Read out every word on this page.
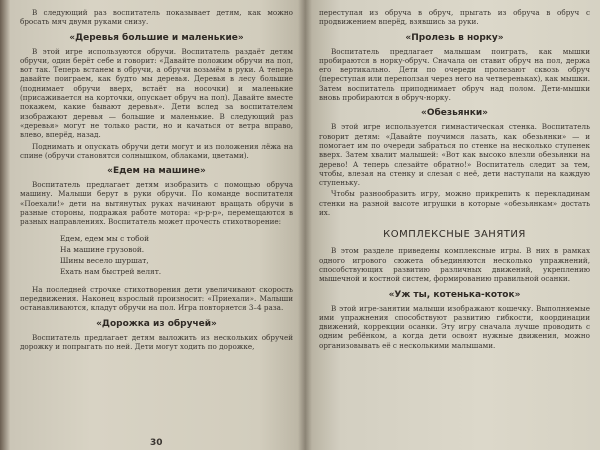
В следующий раз воспитатель показывает детям, как можно бросать мяч двумя руками снизу.

«Деревья большие и маленькие»

В этой игре используются обручи. Воспитатель раздаёт детям обручи, один берёт себе и говорит: «Давайте положим обручи на пол, вот так. Теперь встанем в обручи, а обручи возьмём в руки. А теперь давайте поиграем, как будто мы деревья. Деревья в лесу большие (поднимает обручи вверх, встаёт на носочки) и маленькие (присаживается на корточки, опускает обруч на пол). Давайте вместе покажем, какие бывают деревья». Дети вслед за воспитателем изображают деревья — большие и маленькие. В следующий раз «деревья» могут не только расти, но и качаться от ветра вправо, влево, вперёд, назад.

Поднимать и опускать обручи дети могут и из положения лёжа на спине (обручи становятся солнышком, облаками, цветами).

«Едем на машине»

Воспитатель предлагает детям изобразить с помощью обруча машину. Малыши берут в руки обручи. По команде воспитателя «Поехали!» дети на вытянутых руках начинают вращать обручи в разные стороны, подражая работе мотора: «р-р-р», перемещаются в разных направлениях. Воспитатель может прочесть стихотворение:

Едем, едем мы с тобой
На машине грузовой.
Шины весело шуршат,
Ехать нам быстрей велят.

На последней строчке стихотворения дети увеличивают скорость передвижения. Наконец взрослый произносит: «Приехали». Малыши останавливаются, кладут обручи на пол. Игра повторяется 3–4 раза.

«Дорожка из обручей»

Воспитатель предлагает детям выложить из нескольких обручей дорожку и попрыгать по ней. Дети могут ходить по дорожке,

30

переступая из обруча в обруч, прыгать из обруча в обруч с продвижением вперёд, взявшись за руки.

«Пролезь в норку»

Воспитатель предлагает малышам поиграть, как мышки пробираются в норку-обруч. Сначала он ставит обруч на пол, держа его вертикально. Дети по очереди пролезают сквозь обруч (переступая или переползая через него на четвереньках), как мышки. Затем воспитатель приподнимает обруч над полом. Дети-мышки вновь пробираются в обруч-норку.

«Обезьянки»

В этой игре используется гимнастическая стенка. Воспитатель говорит детям: «Давайте поучимся лазать, как обезьянки» — и помогает им по очереди забраться по стенке на несколько ступенек вверх. Затем хвалит малышей: «Вот как высоко влезли обезьянки на дерево! А теперь слезайте обратно!» Воспитатель следит за тем, чтобы, влезая на стенку и слезая с неё, дети наступали на каждую ступеньку.

Чтобы разнообразить игру, можно прикрепить к перекладинам стенки на разной высоте игрушки в которые «обезьянкам» достать их.

КОМПЛЕКСНЫЕ ЗАНЯТИЯ

В этом разделе приведены комплексные игры. В них в рамках одного игрового сюжета объединяются несколько упражнений, способствующих развитию различных движений, укреплению мышечной и костной систем, формированию правильной осанки.

«Уж ты, котенька-коток»

В этой игре-занятии малыши изображают кошечку. Выполняемые ими упражнения способствуют развитию гибкости, координации движений, коррекции осанки. Эту игру сначала лучше проводить с одним ребёнком, а когда дети освоят нужные движения, можно организовывать её с несколькими малышами.
